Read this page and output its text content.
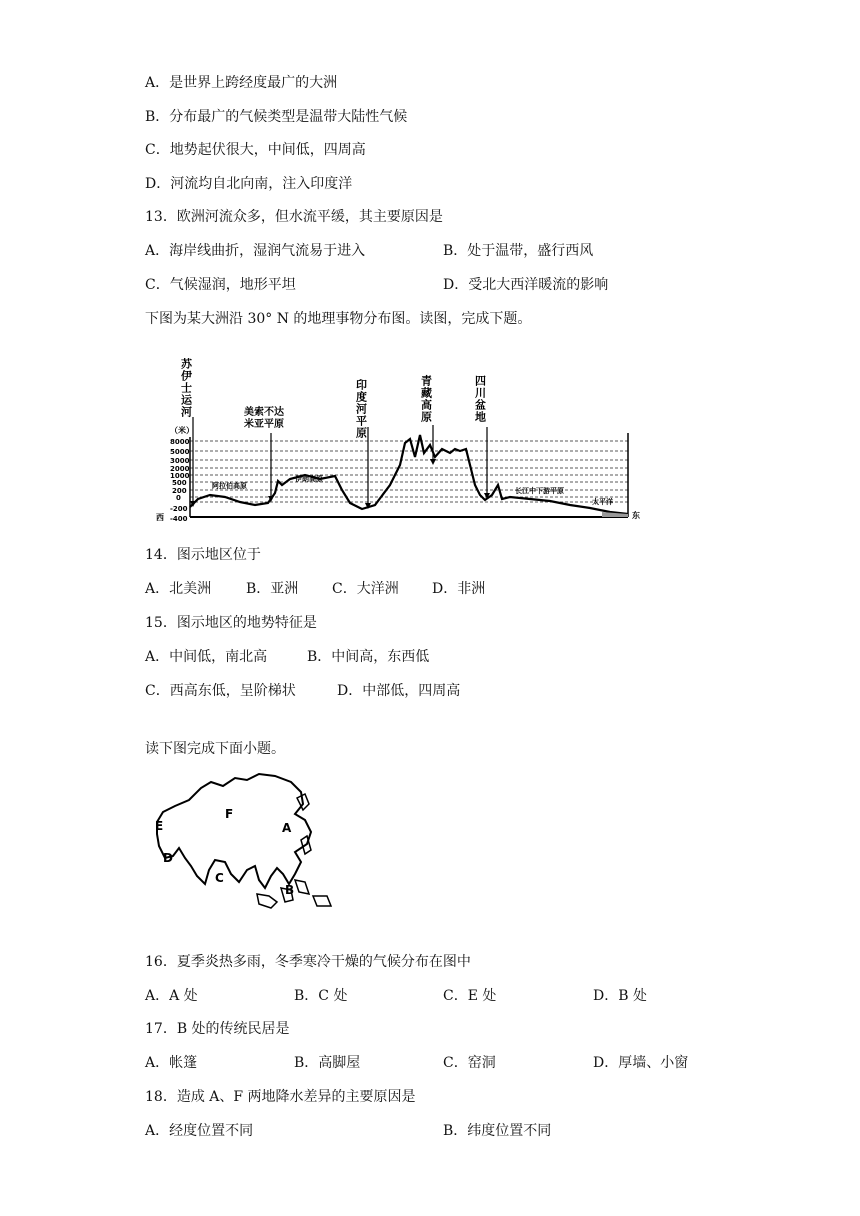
A．是世界上跨经度最广的大洲
B．分布最广的气候类型是温带大陆性气候
C．地势起伏很大，中间低，四周高
D．河流均自北向南，注入印度洋
13．欧洲河流众多，但水流平缓，其主要原因是
A．海岸线曲折，湿润气流易于进入	B．处于温带，盛行西风
C．气候湿润，地形平坦	D．受北大西洋暖流的影响
下图为某大洲沿 30° N 的地理事物分布图。读图，完成下题。
苏伊士运河	印度河平原	青藏高原	四川盆地
美索不达
米亚平原
阿拉伯高原
伊朗高原
长江中下游平原
太平洋
（米）
8000
5000
3000
2000
1000
500
200
0
-200
-400
西	东
14．图示地区位于
A．北美洲 B．亚洲 C．大洋洲 D．非洲
15．图示地区的地势特征是
A．中间低，南北高	B．中间高，东西低
C．西高东低，呈阶梯状	D．中部低，四周高
读下图完成下面小题。
A
B
C
D
E
F
16．夏季炎热多雨，冬季寒冷干燥的气候分布在图中
A．A 处	B．C 处	C．E 处	D．B 处
17．B 处的传统民居是
A．帐篷	B．高脚屋	C．窑洞	D．厚墙、小窗
18．造成 A、F 两地降水差异的主要原因是
A．经度位置不同	B．纬度位置不同
